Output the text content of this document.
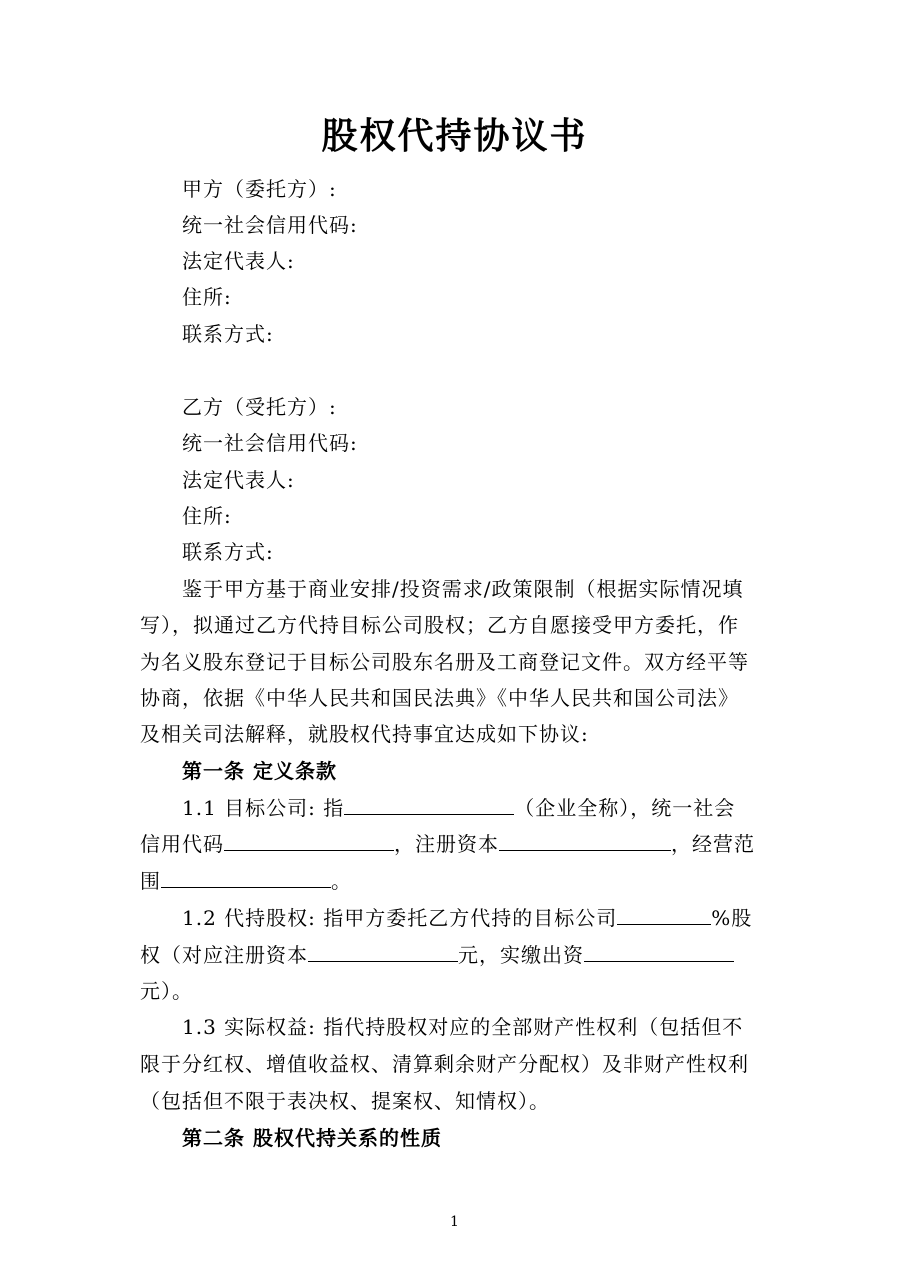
股权代持协议书
甲方（委托方）:
统一社会信用代码:
法定代表人:
住所:
联系方式:
乙方（受托方）:
统一社会信用代码:
法定代表人:
住所:
联系方式:
鉴于甲方基于商业安排/投资需求/政策限制（根据实际情况填
写），拟通过乙方代持目标公司股权；乙方自愿接受甲方委托，作
为名义股东登记于目标公司股东名册及工商登记文件。双方经平等
协商，依据《中华人民共和国民法典》《中华人民共和国公司法》
及相关司法解释，就股权代持事宜达成如下协议:
第一条 定义条款
1.1 目标公司: 指	（企业全称），统一社会
信用代码	，注册资本	，经营范
围	。
1.2 代持股权: 指甲方委托乙方代持的目标公司	%股
权（对应注册资本	元，实缴出资
元）。
1.3 实际权益: 指代持股权对应的全部财产性权利（包括但不
限于分红权、增值收益权、清算剩余财产分配权）及非财产性权利
（包括但不限于表决权、提案权、知情权）。
第二条 股权代持关系的性质
1
